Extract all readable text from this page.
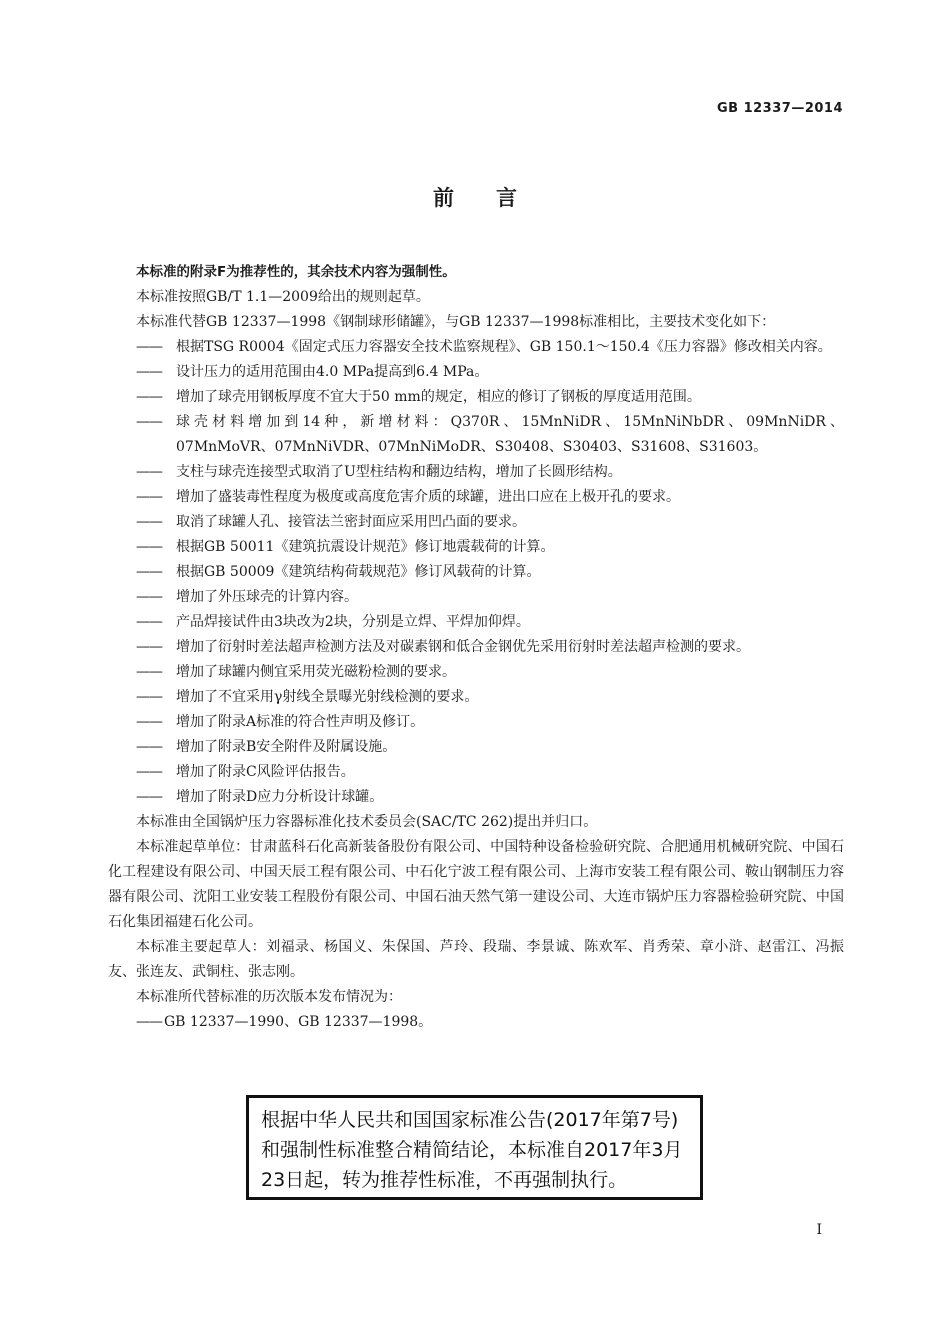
GB 12337—2014
前言

本标准的附录F为推荐性的，其余技术内容为强制性。

本标准按照GB/T 1.1—2009给出的规则起草。

本标准代替GB 12337—1998《钢制球形储罐》，与GB 12337—1998标准相比，主要技术变化如下：

—— 根据TSG R0004《固定式压力容器安全技术监察规程》、GB 150.1～150.4《压力容器》修改相关内容。
—— 设计压力的适用范围由4.0 MPa提高到6.4 MPa。
—— 增加了球壳用钢板厚度不宜大于50 mm的规定，相应的修订了钢板的厚度适用范围。
—— 球壳材料增加到14种，新增材料：Q370R、15MnNiDR、15MnNiNbDR、09MnNiDR、07MnMoVR、07MnNiVDR、07MnNiMoDR、S30408、S30403、S31608、S31603。
—— 支柱与球壳连接型式取消了U型柱结构和翻边结构，增加了长圆形结构。
—— 增加了盛装毒性程度为极度或高度危害介质的球罐，进出口应在上极开孔的要求。
—— 取消了球罐人孔、接管法兰密封面应采用凹凸面的要求。
—— 根据GB 50011《建筑抗震设计规范》修订地震载荷的计算。
—— 根据GB 50009《建筑结构荷载规范》修订风载荷的计算。
—— 增加了外压球壳的计算内容。
—— 产品焊接试件由3块改为2块，分别是立焊、平焊加仰焊。
—— 增加了衍射时差法超声检测方法及对碳素钢和低合金钢优先采用衍射时差法超声检测的要求。
—— 增加了球罐内侧宜采用荧光磁粉检测的要求。
—— 增加了不宜采用γ射线全景曝光射线检测的要求。
—— 增加了附录A标准的符合性声明及修订。
—— 增加了附录B安全附件及附属设施。
—— 增加了附录C风险评估报告。
—— 增加了附录D应力分析设计球罐。

本标准由全国锅炉压力容器标准化技术委员会(SAC/TC 262)提出并归口。

本标准起草单位：甘肃蓝科石化高新装备股份有限公司、中国特种设备检验研究院、合肥通用机械研究院、中国石化工程建设有限公司、中国天辰工程有限公司、中石化宁波工程有限公司、上海市安装工程有限公司、鞍山钢制压力容器有限公司、沈阳工业安装工程股份有限公司、中国石油天然气第一建设公司、大连市锅炉压力容器检验研究院、中国石化集团福建石化公司。

本标准主要起草人：刘福录、杨国义、朱保国、芦玲、段瑞、李景诚、陈欢军、肖秀荣、章小浒、赵雷江、冯振友、张连友、武铜柱、张志刚。

本标准所代替标准的历次版本发布情况为：

—— GB 12337—1990、GB 12337—1998。

根据中华人民共和国国家标准公告(2017年第7号)和强制性标准整合精简结论，本标准自2017年3月23日起，转为推荐性标准，不再强制执行。
I
